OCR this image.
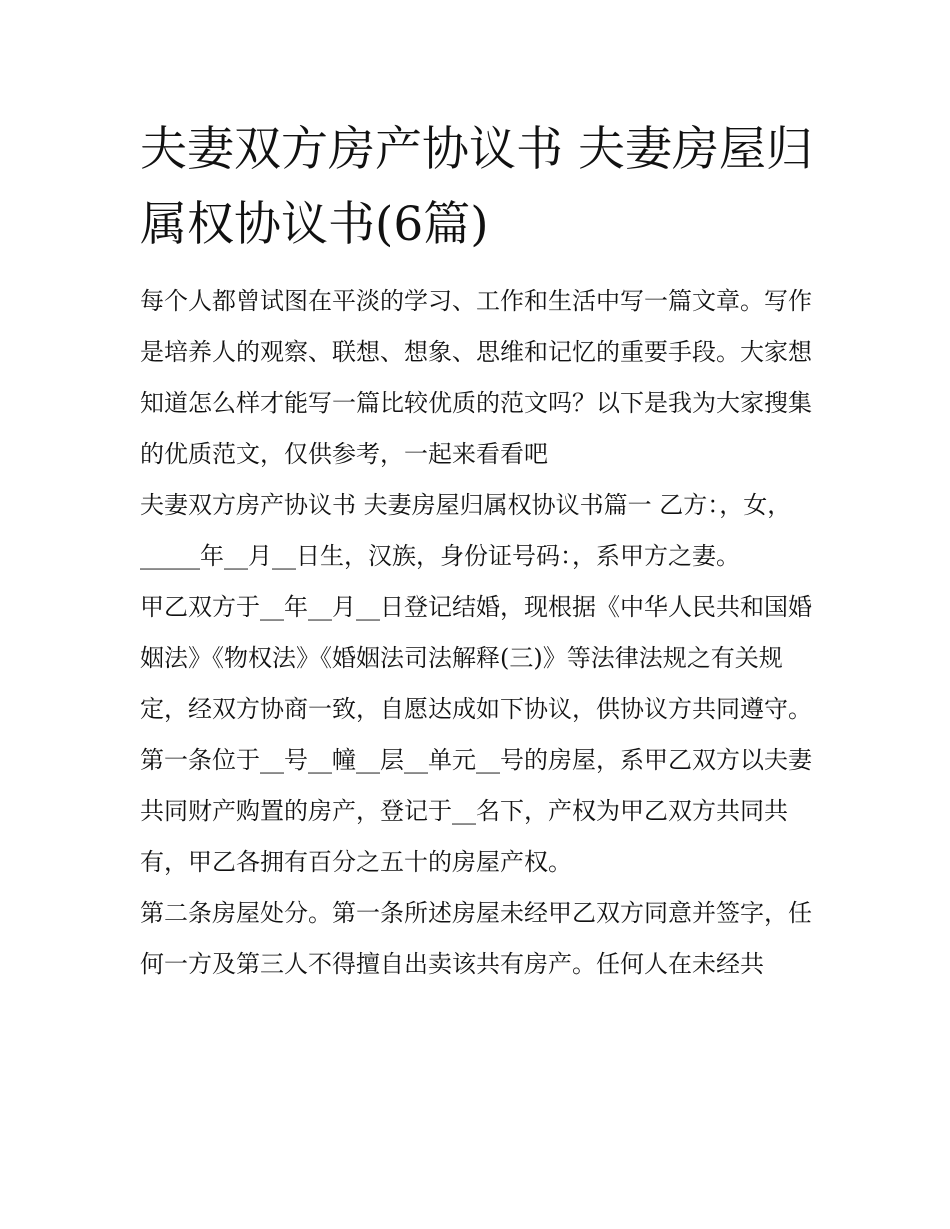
夫妻双方房产协议书 夫妻房屋归属权协议书(6篇)

每个人都曾试图在平淡的学习、工作和生活中写一篇文章。写作是培养人的观察、联想、想象、思维和记忆的重要手段。大家想知道怎么样才能写一篇比较优质的范文吗？以下是我为大家搜集的优质范文，仅供参考，一起来看看吧

夫妻双方房产协议书 夫妻房屋归属权协议书篇一 乙方：，女，_____年__月__日生，汉族，身份证号码：，系甲方之妻。

甲乙双方于__年__月__日登记结婚，现根据《中华人民共和国婚姻法》《物权法》《婚姻法司法解释(三)》等法律法规之有关规定，经双方协商一致，自愿达成如下协议，供协议方共同遵守。

第一条位于__号__幢__层__单元__号的房屋，系甲乙双方以夫妻共同财产购置的房产，登记于__名下，产权为甲乙双方共同共有，甲乙各拥有百分之五十的房屋产权。

第二条房屋处分。第一条所述房屋未经甲乙双方同意并签字，任何一方及第三人不得擅自出卖该共有房产。任何人在未经共
